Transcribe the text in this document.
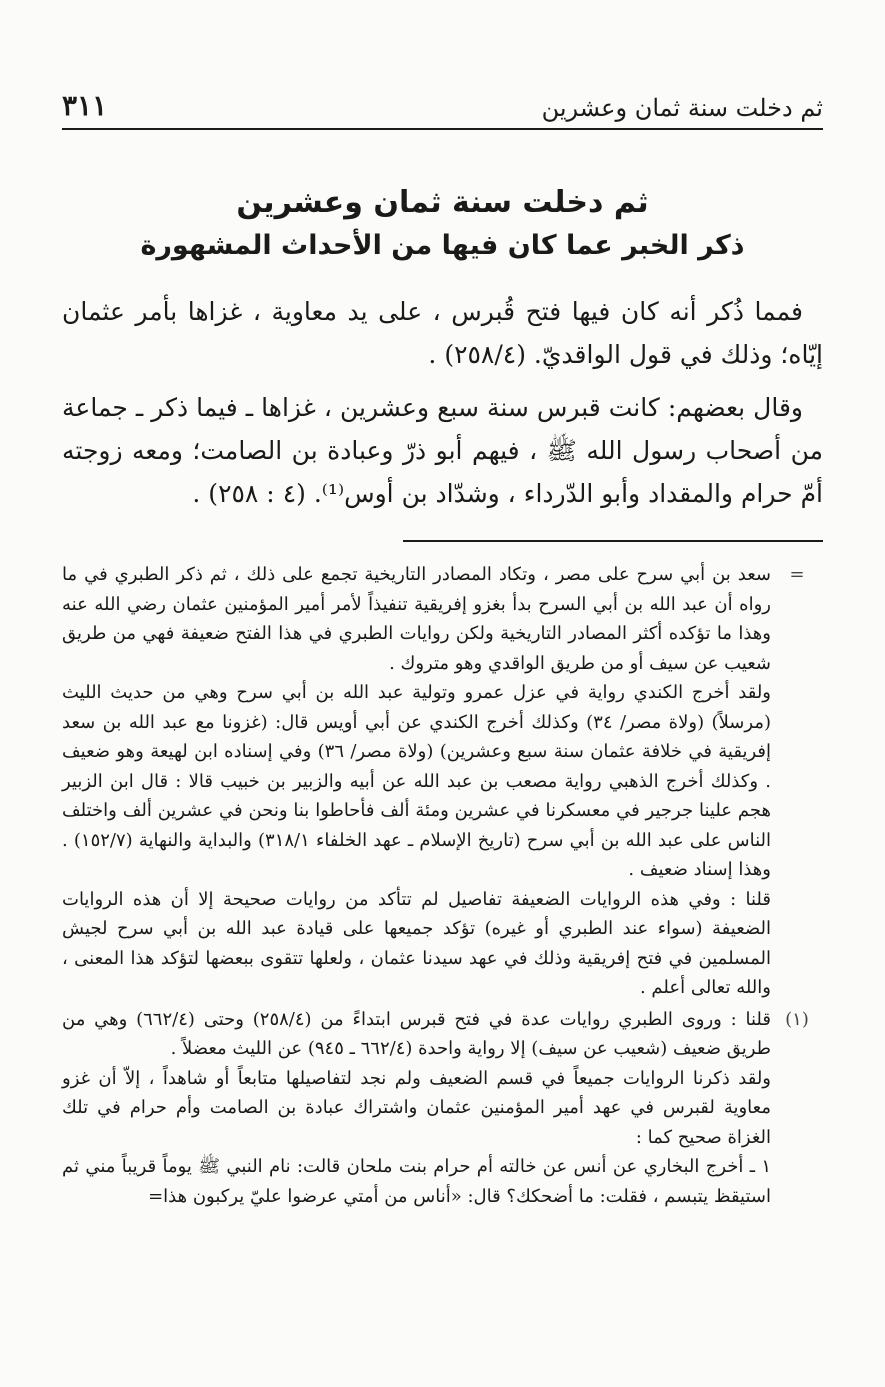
ثم دخلت سنة ثمان وعشرين
٣١١
ثم دخلت سنة ثمان وعشرين
ذكر الخبر عما كان فيها من الأحداث المشهورة

فمما ذُكر أنه كان فيها فتح قُبرس ، على يد معاوية ، غزاها بأمر عثمان إيّاه؛ وذلك في قول الواقديّ. (٢٥٨/٤) .

وقال بعضهم: كانت قبرس سنة سبع وعشرين ، غزاها ـ فيما ذكر ـ جماعة من أصحاب رسول الله ﷺ ، فيهم أبو ذرّ وعبادة بن الصامت؛ ومعه زوجته أمّ حرام والمقداد وأبو الدّرداء ، وشدّاد بن أوس⁽¹⁾. (٤ : ٢٥٨) .

=

سعد بن أبي سرح على مصر ، وتكاد المصادر التاريخية تجمع على ذلك ، ثم ذكر الطبري في ما رواه أن عبد الله بن أبي السرح بدأ بغزو إفريقية تنفيذاً لأمر أمير المؤمنين عثمان رضي الله عنه وهذا ما تؤكده أكثر المصادر التاريخية ولكن روايات الطبري في هذا الفتح ضعيفة فهي من طريق شعيب عن سيف أو من طريق الواقدي وهو متروك .

ولقد أخرج الكندي رواية في عزل عمرو وتولية عبد الله بن أبي سرح وهي من حديث الليث (مرسلاً) (ولاة مصر/ ٣٤) وكذلك أخرج الكندي عن أبي أويس قال: (غزونا مع عبد الله بن سعد إفريقية في خلافة عثمان سنة سبع وعشرين) (ولاة مصر/ ٣٦) وفي إسناده ابن لهيعة وهو ضعيف . وكذلك أخرج الذهبي رواية مصعب بن عبد الله عن أبيه والزبير بن خبيب قالا : قال ابن الزبير هجم علينا جرجير في معسكرنا في عشرين ومئة ألف فأحاطوا بنا ونحن في عشرين ألف واختلف الناس على عبد الله بن أبي سرح (تاريخ الإسلام ـ عهد الخلفاء ٣١٨/١) والبداية والنهاية (١٥٢/٧) . وهذا إسناد ضعيف .

قلنا : وفي هذه الروايات الضعيفة تفاصيل لم تتأكد من روايات صحيحة إلا أن هذه الروايات الضعيفة (سواء عند الطبري أو غيره) تؤكد جميعها على قيادة عبد الله بن أبي سرح لجيش المسلمين في فتح إفريقية وذلك في عهد سيدنا عثمان ، ولعلها تتقوى ببعضها لتؤكد هذا المعنى ، والله تعالى أعلم .

(١)

قلنا : وروى الطبري روايات عدة في فتح قبرس ابتداءً من (٢٥٨/٤) وحتى (٦٦٢/٤) وهي من طريق ضعيف (شعيب عن سيف) إلا رواية واحدة (٦٦٢/٤ ـ ٩٤٥) عن الليث معضلاً .

ولقد ذكرنا الروايات جميعاً في قسم الضعيف ولم نجد لتفاصيلها متابعاً أو شاهداً ، إلاّ أن غزو معاوية لقبرس في عهد أمير المؤمنين عثمان واشتراك عبادة بن الصامت وأم حرام في تلك الغزاة صحيح كما :

١ ـ أخرج البخاري عن أنس عن خالته أم حرام بنت ملحان قالت: نام النبي ﷺ يوماً قريباً مني ثم استيقظ يتبسم ، فقلت: ما أضحكك؟ قال: «أناس من أمتي عرضوا عليّ يركبون هذا=
